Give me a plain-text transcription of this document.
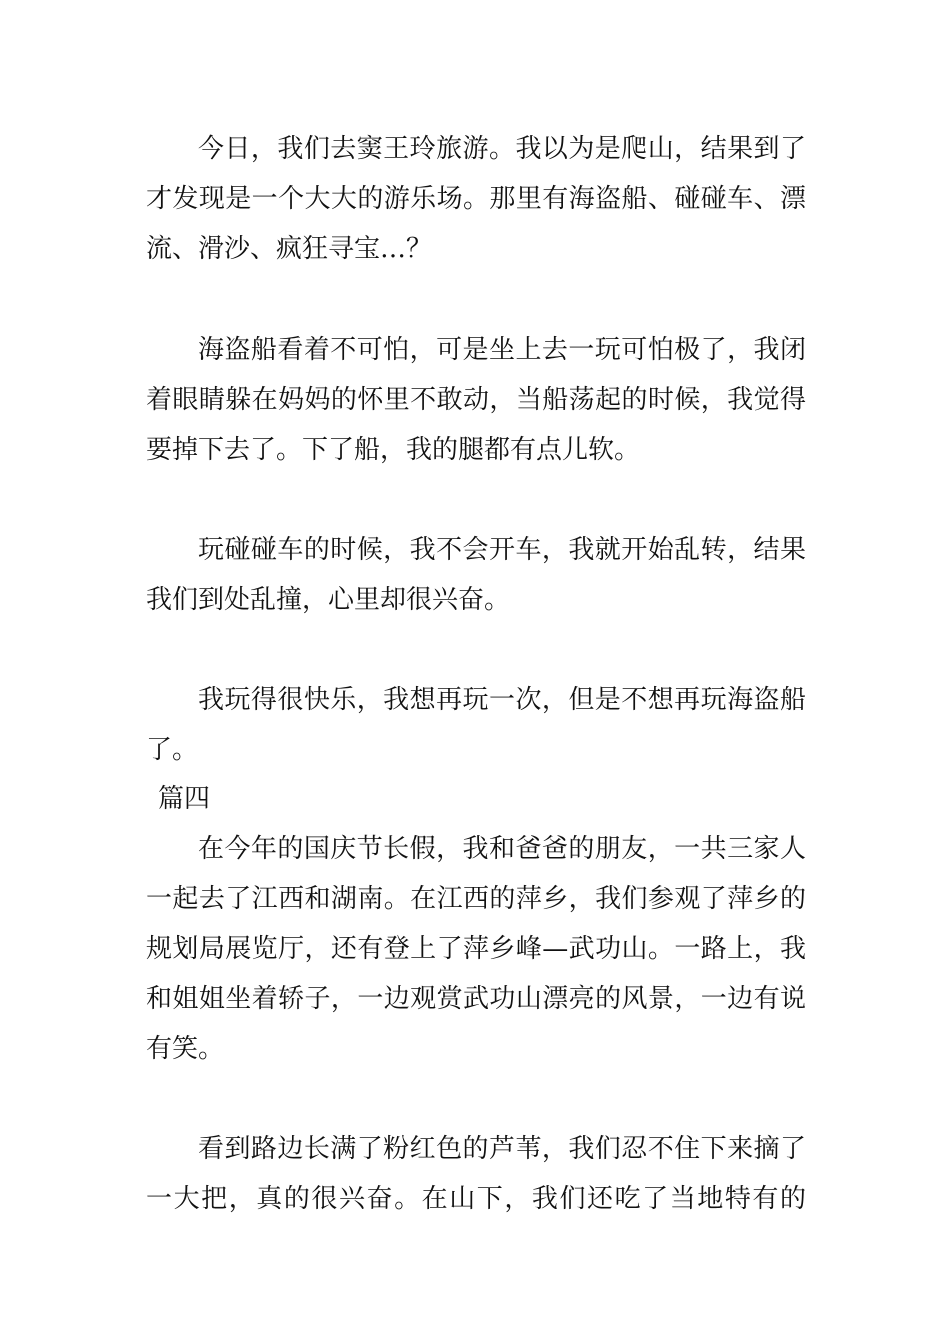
今日，我们去窦王玲旅游。我以为是爬山，结果到了
才发现是一个大大的游乐场。那里有海盗船、碰碰车、漂
流、滑沙、疯狂寻宝…？
海盗船看着不可怕，可是坐上去一玩可怕极了，我闭
着眼睛躲在妈妈的怀里不敢动，当船荡起的时候，我觉得
要掉下去了。下了船，我的腿都有点儿软。
玩碰碰车的时候，我不会开车，我就开始乱转，结果
我们到处乱撞，心里却很兴奋。
我玩得很快乐，我想再玩一次，但是不想再玩海盗船
了。
篇四
在今年的国庆节长假，我和爸爸的朋友，一共三家人
一起去了江西和湖南。在江西的萍乡，我们参观了萍乡的
规划局展览厅，还有登上了萍乡峰—武功山。一路上，我
和姐姐坐着轿子，一边观赏武功山漂亮的风景，一边有说
有笑。
看到路边长满了粉红色的芦苇，我们忍不住下来摘了
一大把，真的很兴奋。在山下，我们还吃了当地特有的
